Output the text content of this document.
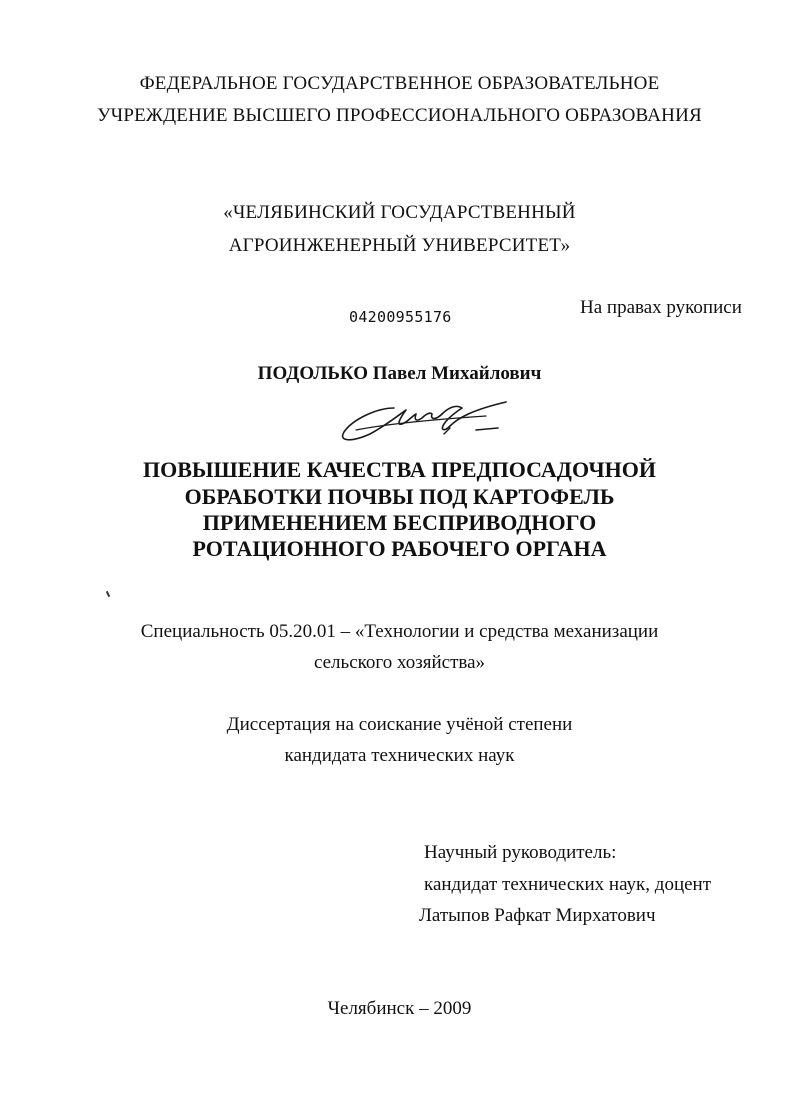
ФЕДЕРАЛЬНОЕ ГОСУДАРСТВЕННОЕ ОБРАЗОВАТЕЛЬНОЕ
УЧРЕЖДЕНИЕ ВЫСШЕГО ПРОФЕССИОНАЛЬНОГО ОБРАЗОВАНИЯ
«ЧЕЛЯБИНСКИЙ ГОСУДАРСТВЕННЫЙ
АГРОИНЖЕНЕРНЫЙ УНИВЕРСИТЕТ»
04200955176	На правах рукописи
ПОДОЛЬКО Павел Михайлович
ПОВЫШЕНИЕ КАЧЕСТВА ПРЕДПОСАДОЧНОЙ
ОБРАБОТКИ ПОЧВЫ ПОД КАРТОФЕЛЬ
ПРИМЕНЕНИЕМ БЕСПРИВОДНОГО
РОТАЦИОННОГО РАБОЧЕГО ОРГАНА
Специальность 05.20.01 – «Технологии и средства механизации
сельского хозяйства»
Диссертация на соискание учёной степени
кандидата технических наук
Научный руководитель:
кандидат технических наук, доцент
Латыпов Рафкат Мирхатович
Челябинск – 2009
